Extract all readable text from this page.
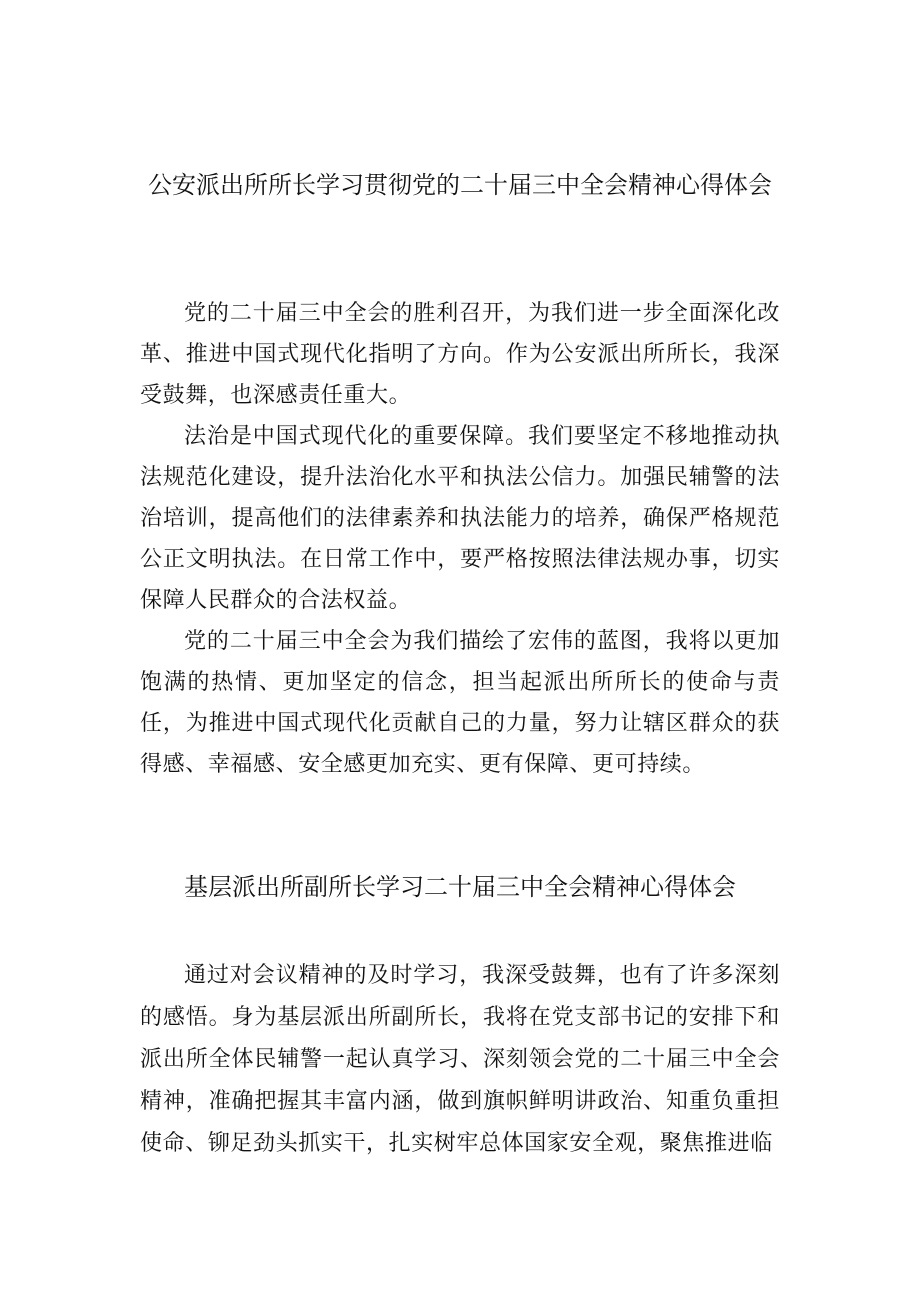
公安派出所所长学习贯彻党的二十届三中全会精神心得体会

党的二十届三中全会的胜利召开，为我们进一步全面深化改革、推进中国式现代化指明了方向。作为公安派出所所长，我深受鼓舞，也深感责任重大。

法治是中国式现代化的重要保障。我们要坚定不移地推动执法规范化建设，提升法治化水平和执法公信力。加强民辅警的法治培训，提高他们的法律素养和执法能力的培养，确保严格规范公正文明执法。在日常工作中，要严格按照法律法规办事，切实保障人民群众的合法权益。

党的二十届三中全会为我们描绘了宏伟的蓝图，我将以更加饱满的热情、更加坚定的信念，担当起派出所所长的使命与责任，为推进中国式现代化贡献自己的力量，努力让辖区群众的获得感、幸福感、安全感更加充实、更有保障、更可持续。

基层派出所副所长学习二十届三中全会精神心得体会

通过对会议精神的及时学习，我深受鼓舞，也有了许多深刻的感悟。身为基层派出所副所长，我将在党支部书记的安排下和派出所全体民辅警一起认真学习、深刻领会党的二十届三中全会精神，准确把握其丰富内涵，做到旗帜鲜明讲政治、知重负重担使命、铆足劲头抓实干，扎实树牢总体国家安全观，聚焦推进临
